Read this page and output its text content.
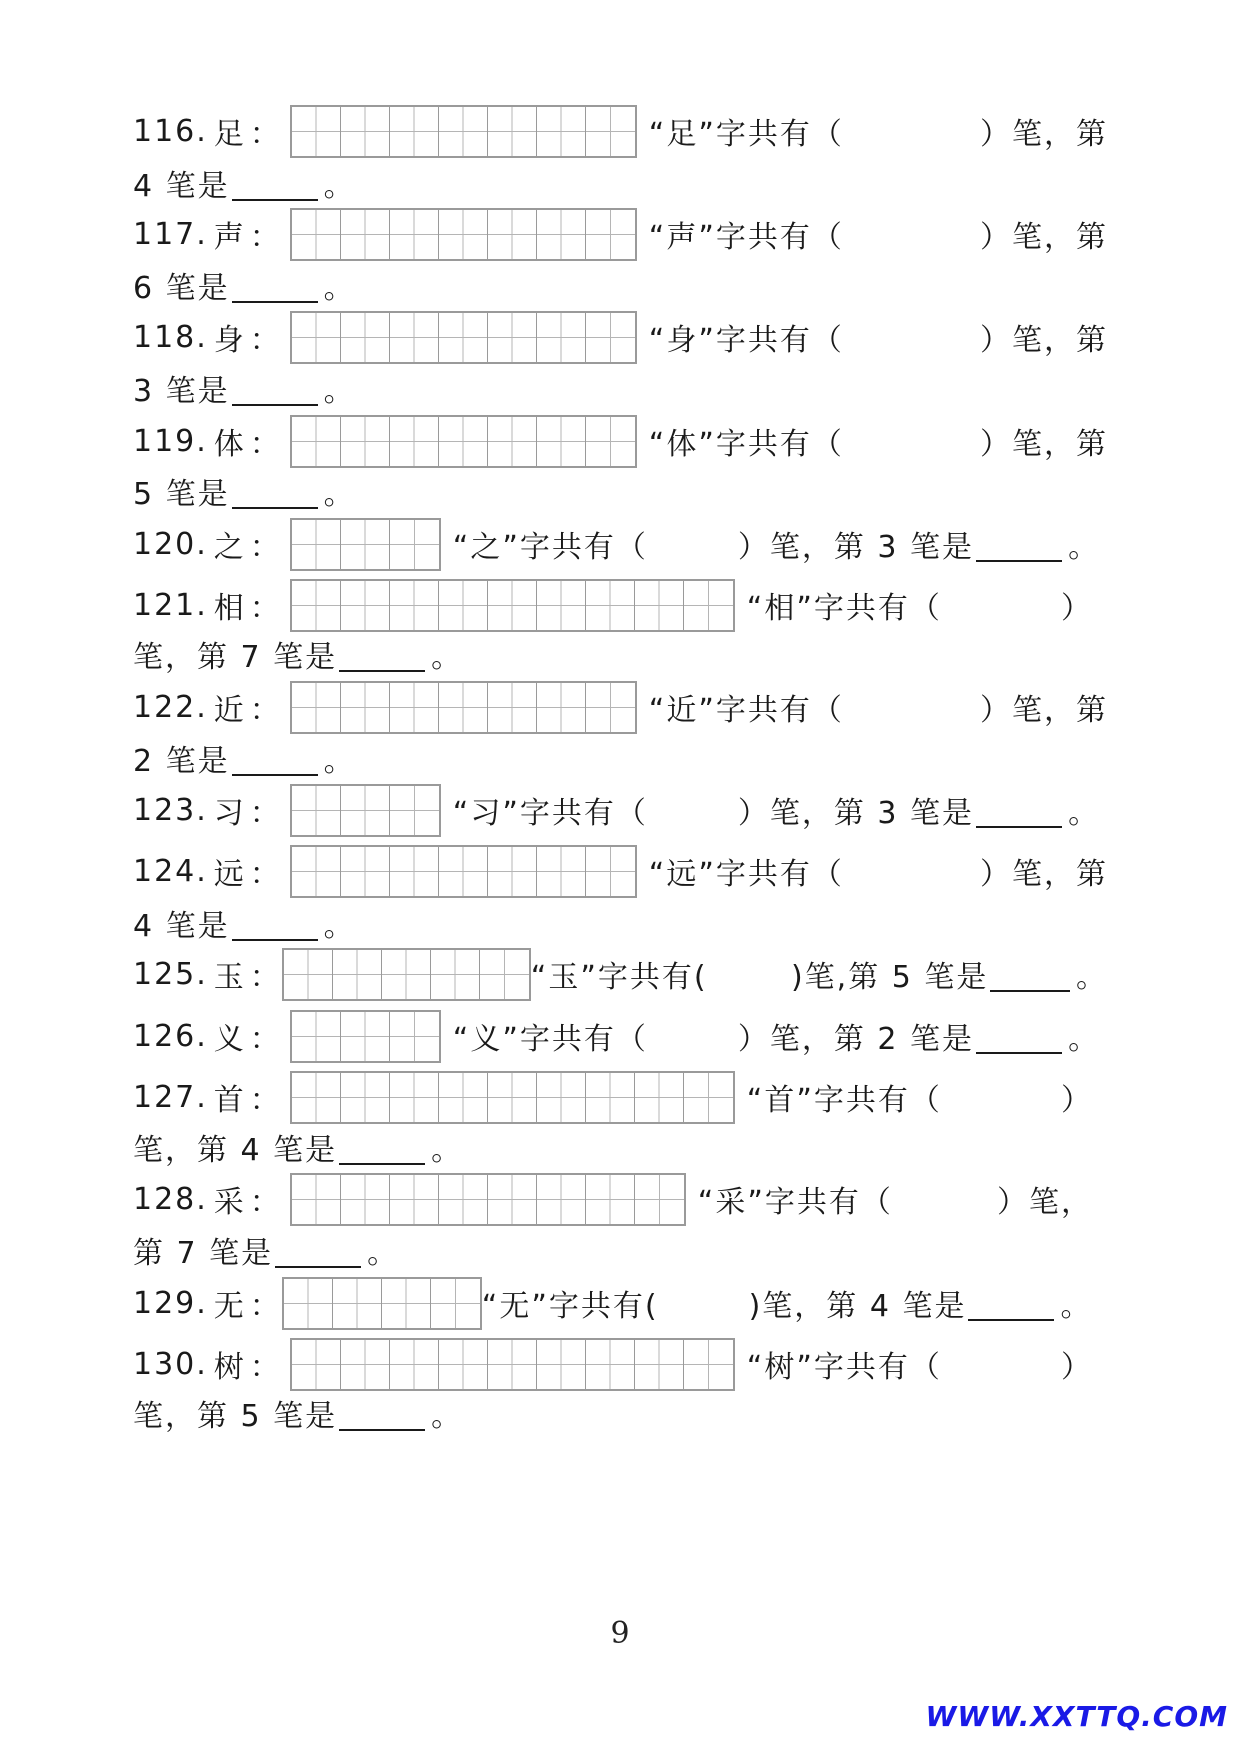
116. 足 ：	“足”字共有（	）笔，第
4 笔是	。
117. 声 ：	“声”字共有（	）笔，第
6 笔是	。
118. 身 ：	“身”字共有（	）笔，第
3 笔是	。
119. 体 ：	“体”字共有（	）笔，第
5 笔是	。
120. 之 ：	“之”字共有（	）笔，第 3 笔是	。
121. 相 ：	“相”字共有（	）
笔，第 7 笔是	。
122. 近 ：	“近”字共有（	）笔，第
2 笔是	。
123. 习 ：	“习”字共有（	）笔，第 3 笔是	。
124. 远 ：	“远”字共有（	）笔，第
4 笔是	。
125. 玉 ：	“玉”字共有(	)笔,第 5 笔是	。
126. 义 ：	“义”字共有（	）笔，第 2 笔是	。
127. 首 ：	“首”字共有（	）
笔，第 4 笔是	。
128. 采 ：	“采”字共有（	）笔，
第 7 笔是	。
129. 无 ：	“无”字共有(	)笔，第 4 笔是	。
130. 树 ：	“树”字共有（	）
笔，第 5 笔是	。
9
WWW.XXTTQ.COM
